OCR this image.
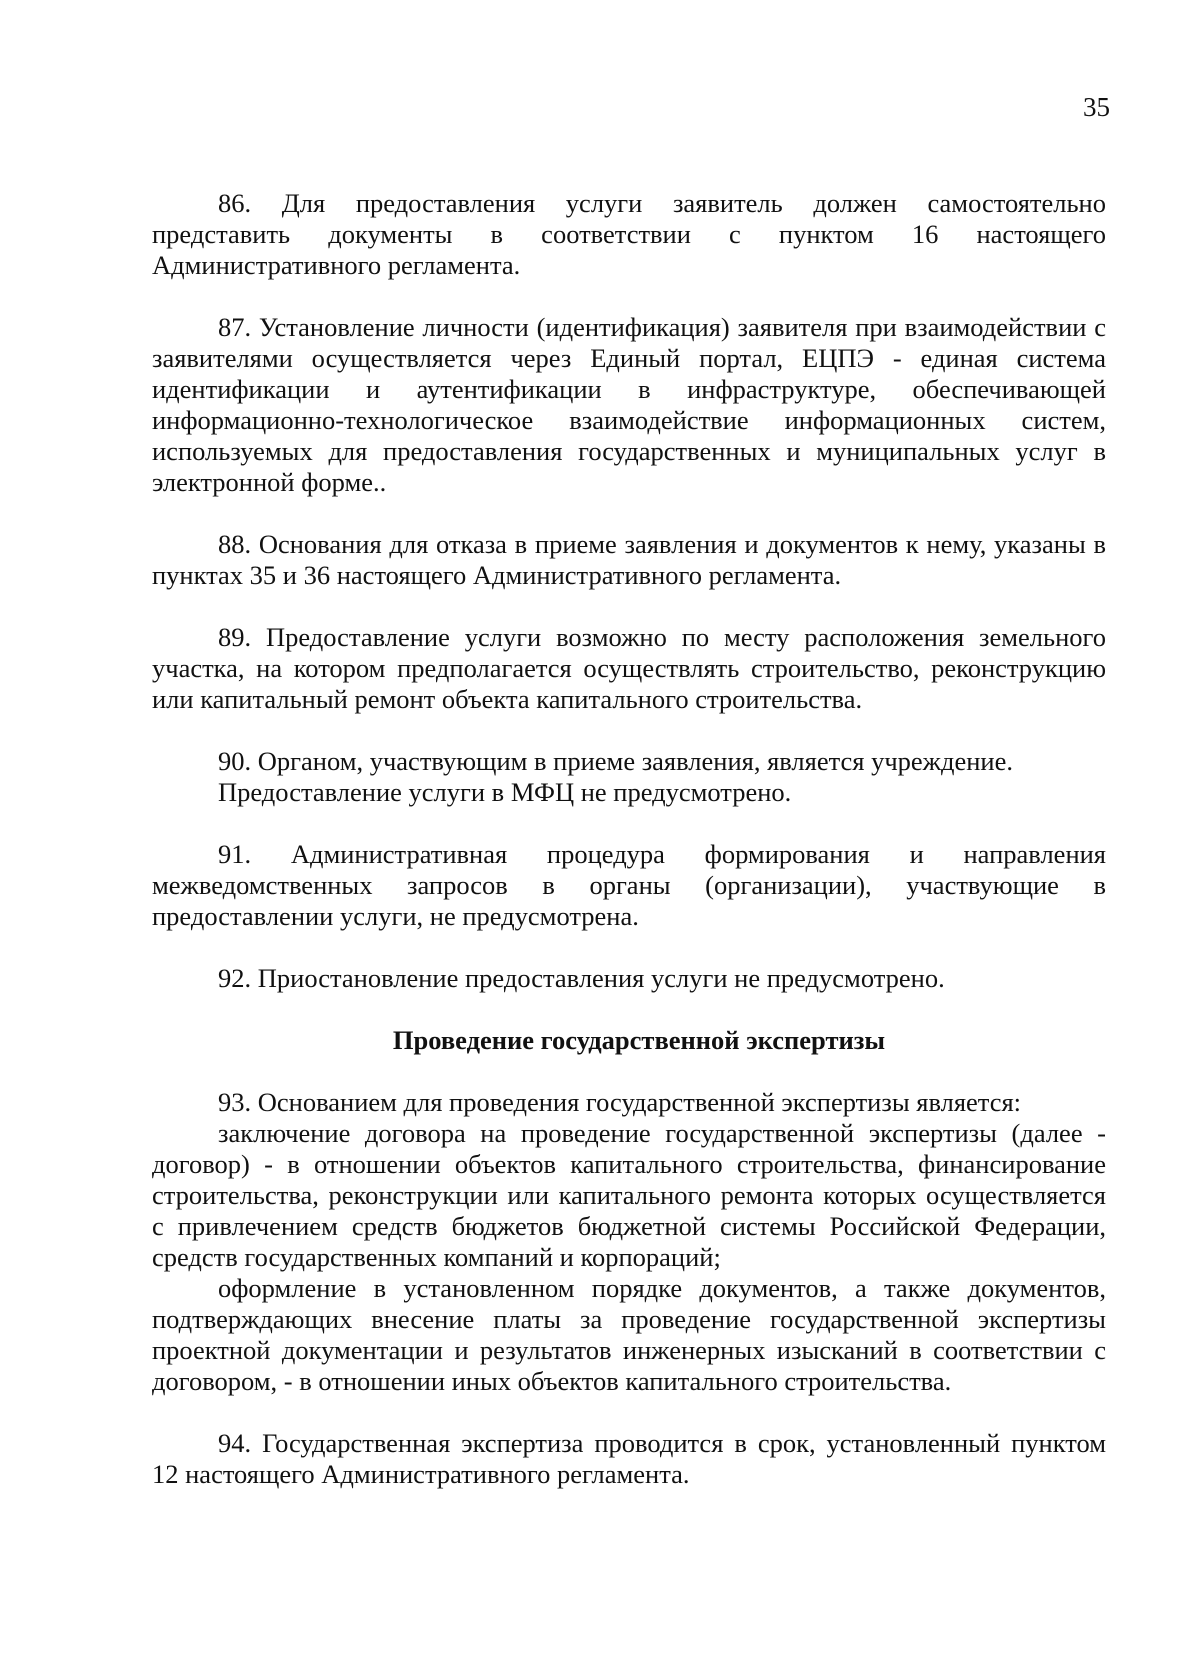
35

86. Для предоставления услуги заявитель должен самостоятельно представить документы в соответствии с пунктом 16 настоящего Административного регламента.

87. Установление личности (идентификация) заявителя при взаимодействии с заявителями осуществляется через Единый портал, ЕЦПЭ - единая система идентификации и аутентификации в инфраструктуре, обеспечивающей информационно-технологическое взаимодействие информационных систем, используемых для предоставления государственных и муниципальных услуг в электронной форме..

88. Основания для отказа в приеме заявления и документов к нему, указаны в пунктах 35 и 36 настоящего Административного регламента.

89. Предоставление услуги возможно по месту расположения земельного участка, на котором предполагается осуществлять строительство, реконструкцию или капитальный ремонт объекта капитального строительства.

90. Органом, участвующим в приеме заявления, является учреждение.

Предоставление услуги в МФЦ не предусмотрено.

91. Административная процедура формирования и направления межведомственных запросов в органы (организации), участвующие в предоставлении услуги, не предусмотрена.

92. Приостановление предоставления услуги не предусмотрено.

Проведение государственной экспертизы

93. Основанием для проведения государственной экспертизы является:

заключение договора на проведение государственной экспертизы (далее - договор) - в отношении объектов капитального строительства, финансирование строительства, реконструкции или капитального ремонта которых осуществляется с привлечением средств бюджетов бюджетной системы Российской Федерации, средств государственных компаний и корпораций;

оформление в установленном порядке документов, а также документов, подтверждающих внесение платы за проведение государственной экспертизы проектной документации и результатов инженерных изысканий в соответствии с договором, - в отношении иных объектов капитального строительства.

94. Государственная экспертиза проводится в срок, установленный пунктом 12 настоящего Административного регламента.
